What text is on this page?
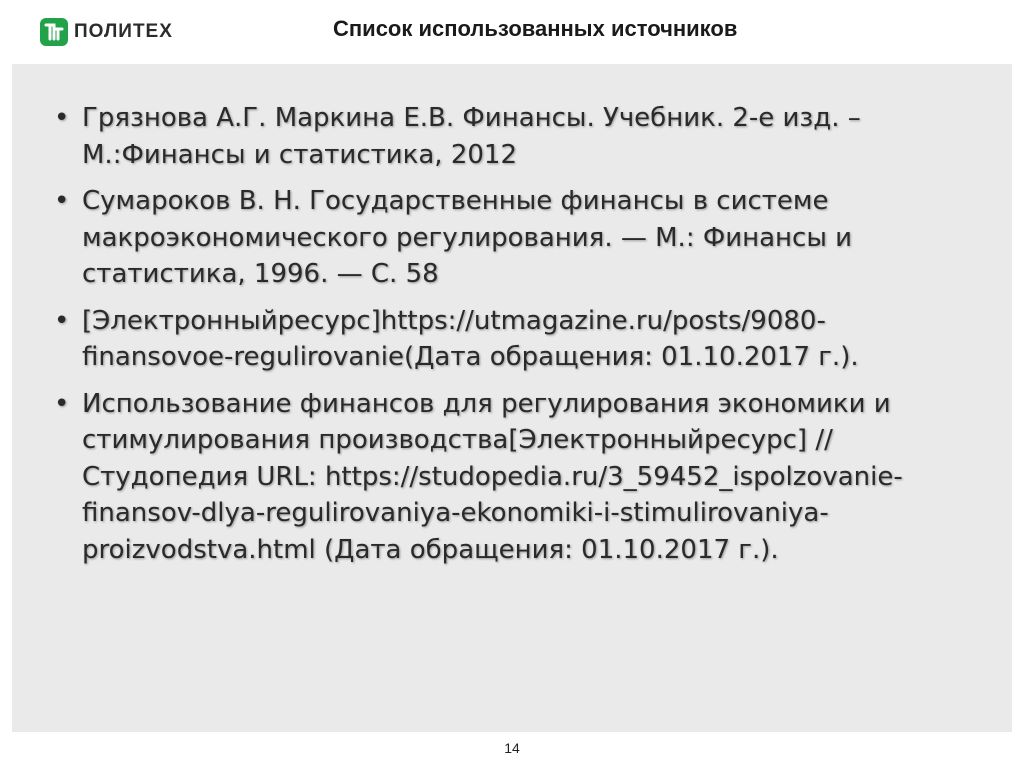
ПОЛИТЕХ	Список использованных источников
• Грязнова А.Г. Маркина Е.В. Финансы. Учебник. 2-е изд. – М.:Финансы и статистика, 2012
• Сумароков В. Н. Государственные финансы в системе макроэкономического регулирования. — М.: Финансы и статистика, 1996. — С. 58
• [Электронныйресурс]https://utmagazine.ru/posts/9080-finansovoe-regulirovanie(Дата обращения: 01.10.2017 г.).
• Использование финансов для регулирования экономики и стимулирования производства[Электронныйресурс] //Студопедия URL: https://studopedia.ru/3_59452_ispolzovanie-finansov-dlya-regulirovaniya-ekonomiki-i-stimulirovaniya-proizvodstva.html (Дата обращения: 01.10.2017 г.).
14
